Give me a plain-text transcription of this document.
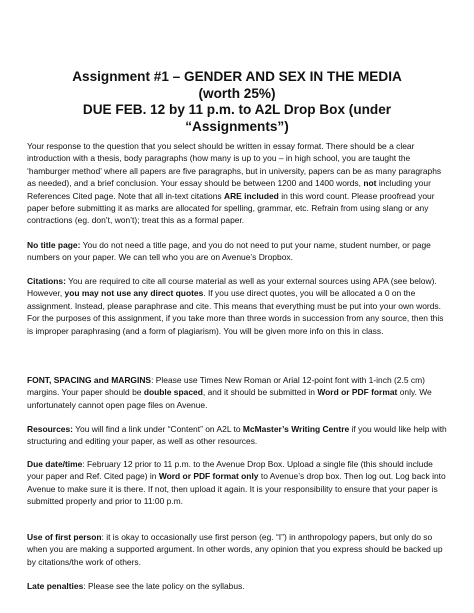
Assignment #1 – GENDER AND SEX IN THE MEDIA (worth 25%)
DUE FEB. 12 by 11 p.m. to A2L Drop Box (under “Assignments”)

Your response to the question that you select should be written in essay format. There should be a clear introduction with a thesis, body paragraphs (how many is up to you – in high school, you are taught the ‘hamburger method’ where all papers are five paragraphs, but in university, papers can be as many paragraphs as needed), and a brief conclusion. Your essay should be between 1200 and 1400 words, not including your References Cited page. Note that all in-text citations ARE included in this word count. Please proofread your paper before submitting it as marks are allocated for spelling, grammar, etc. Refrain from using slang or any contractions (eg. don’t, won’t); treat this as a formal paper.

No title page: You do not need a title page, and you do not need to put your name, student number, or page numbers on your paper. We can tell who you are on Avenue’s Dropbox.

Citations: You are required to cite all course material as well as your external sources using APA (see below). However, you may not use any direct quotes. If you use direct quotes, you will be allocated a 0 on the assignment. Instead, please paraphrase and cite. This means that everything must be put into your own words. For the purposes of this assignment, if you take more than three words in succession from any source, then this is improper paraphrasing (and a form of plagiarism). You will be given more info on this in class.

FONT, SPACING and MARGINS: Please use Times New Roman or Arial 12-point font with 1-inch (2.5 cm) margins. Your paper should be double spaced, and it should be submitted in Word or PDF format only. We unfortunately cannot open page files on Avenue.

Resources: You will find a link under “Content” on A2L to McMaster’s Writing Centre if you would like help with structuring and editing your paper, as well as other resources.

Due date/time: February 12 prior to 11 p.m. to the Avenue Drop Box. Upload a single file (this should include your paper and Ref. Cited page) in Word or PDF format only to Avenue’s drop box. Then log out. Log back into Avenue to make sure it is there. If not, then upload it again. It is your responsibility to ensure that your paper is submitted properly and prior to 11:00 p.m.

Use of first person: it is okay to occasionally use first person (eg. “I”) in anthropology papers, but only do so when you are making a supported argument. In other words, any opinion that you express should be backed up by citations/the work of others.

Late penalties: Please see the late policy on the syllabus.
